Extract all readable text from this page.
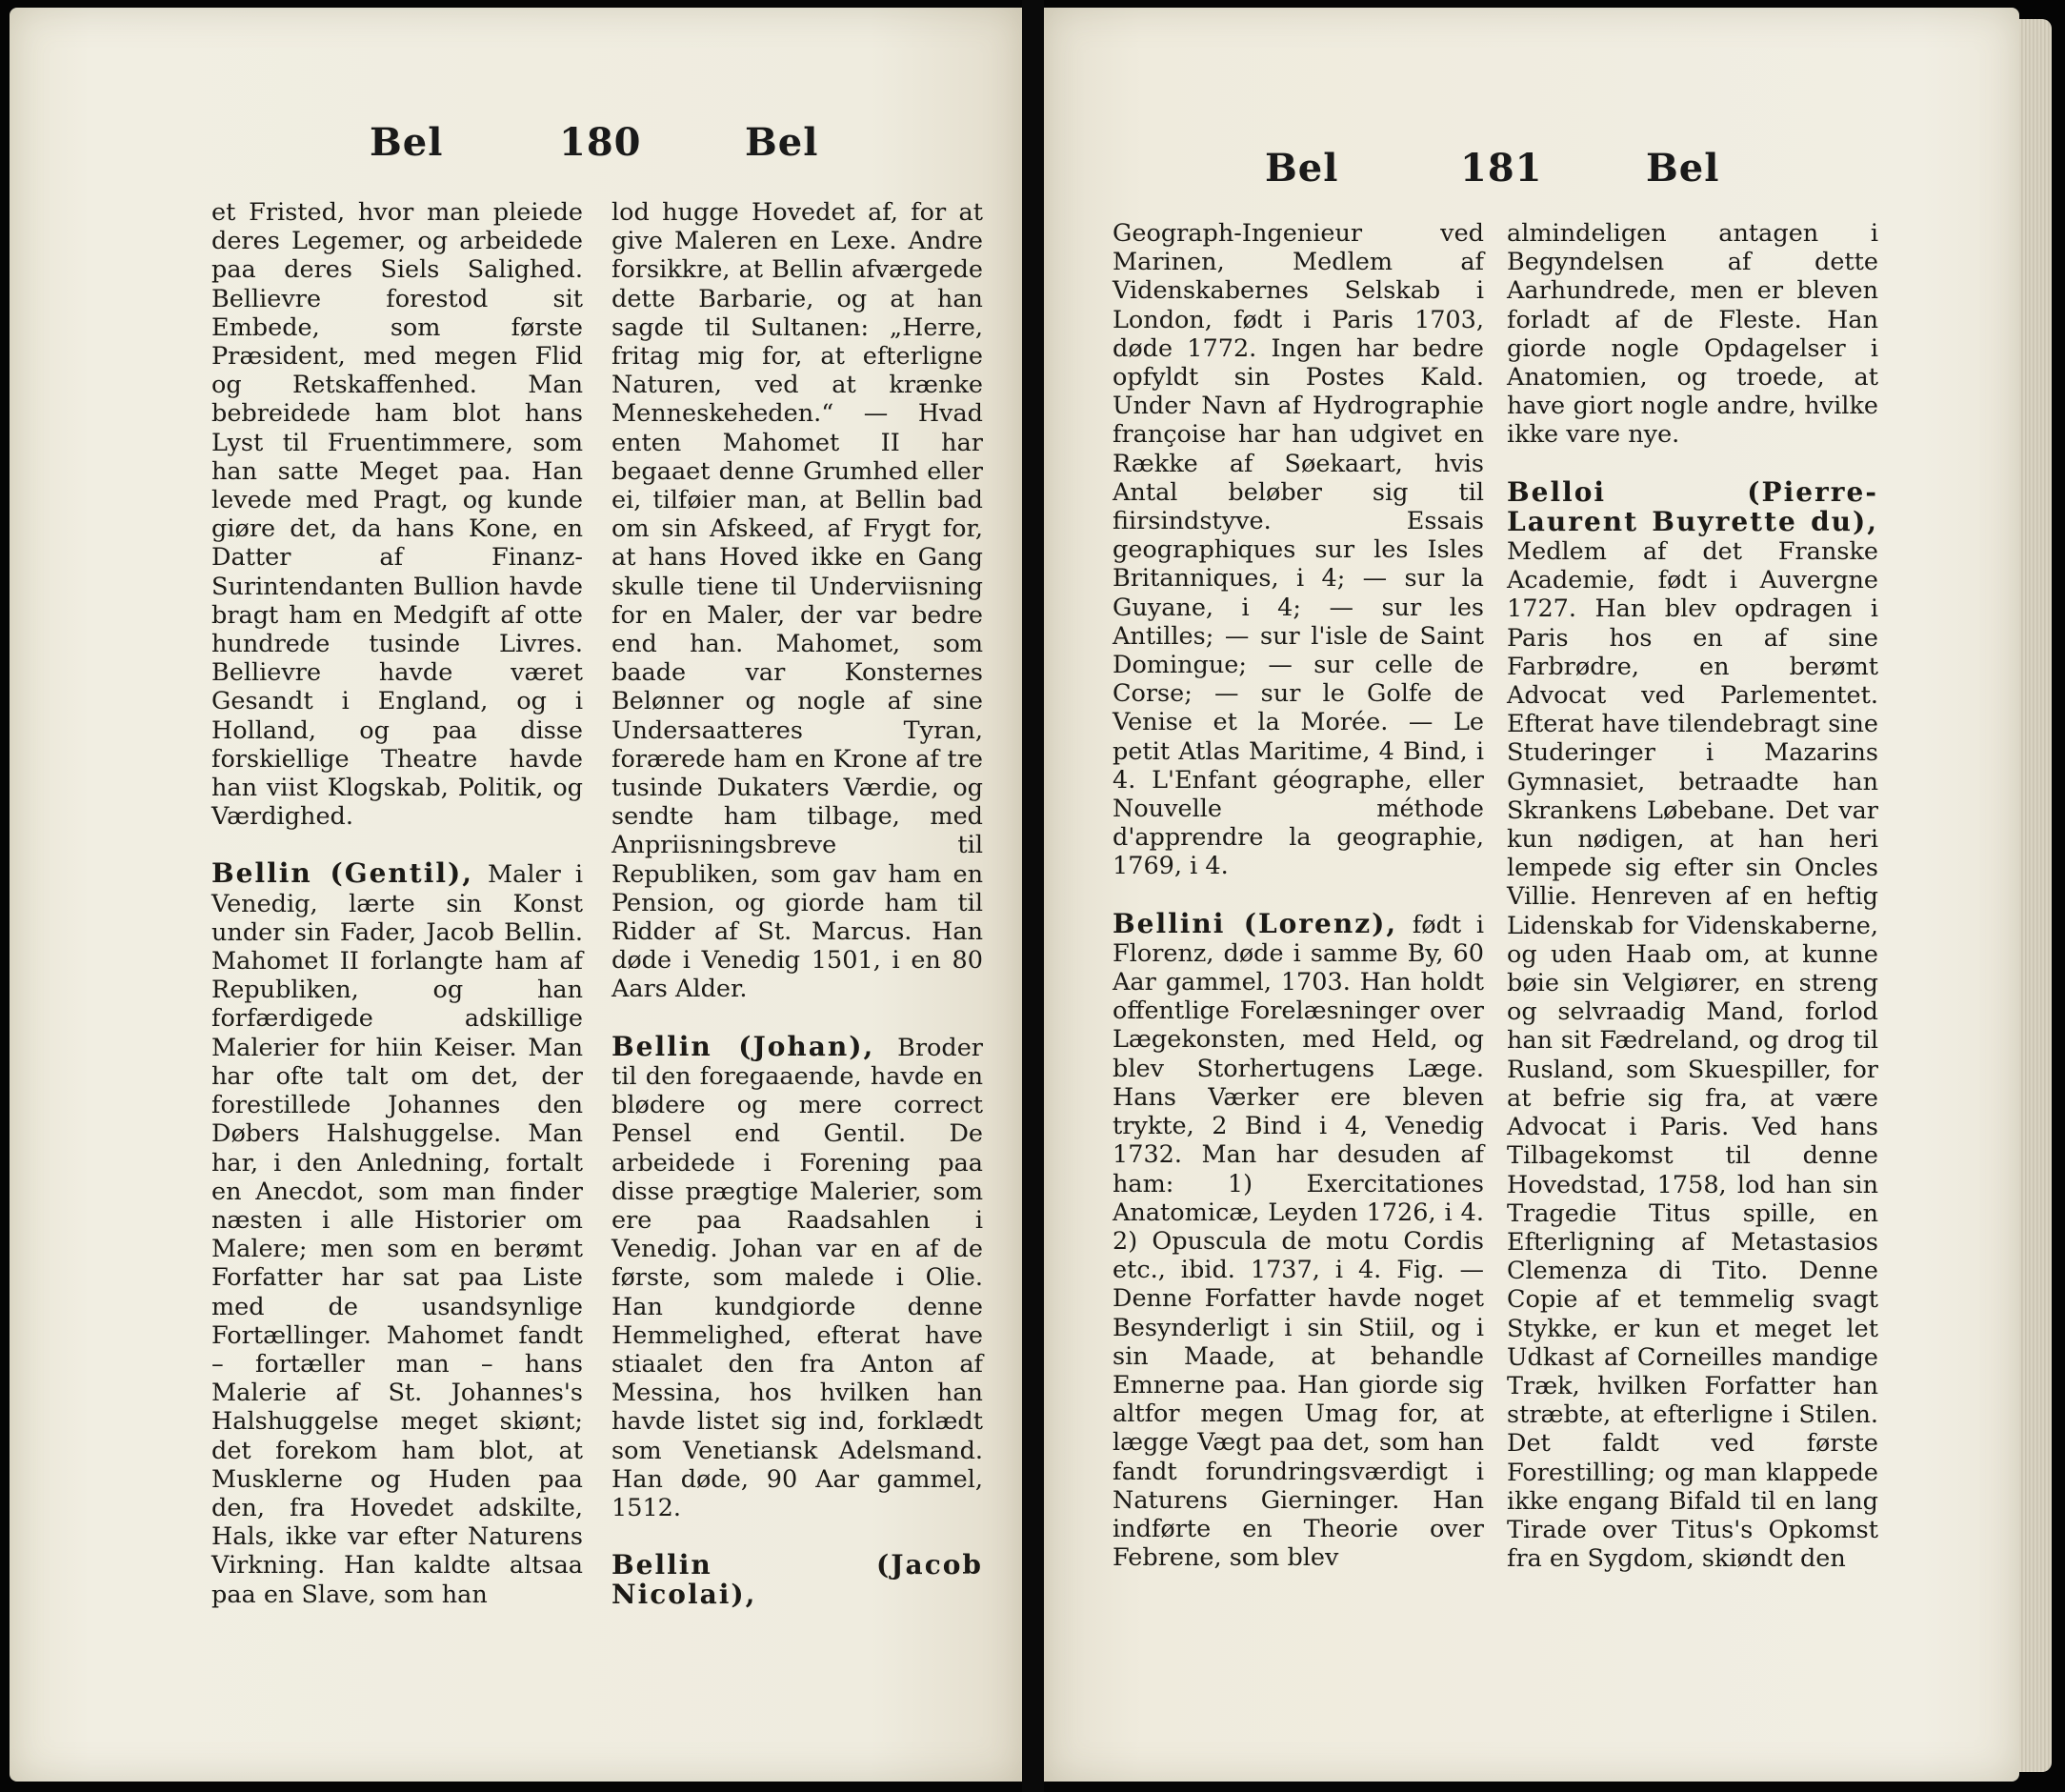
Bel	180	Bel

et Fristed, hvor man pleiede deres Legemer, og arbeidede paa deres Siels Salighed. Bellievre forestod sit Embede, som første Præsident, med megen Flid og Retskaffenhed. Man bebreidede ham blot hans Lyst til Fruentimmere, som han satte Meget paa. Han levede med Pragt, og kunde giøre det, da hans Kone, en Datter af Finanz-Surintendanten Bullion havde bragt ham en Medgift af otte hundrede tusinde Livres. Bellievre havde været Gesandt i England, og i Holland, og paa disse forskiellige Theatre havde han viist Klogskab, Politik, og Værdighed.

Bellin (Gentil), Maler i Venedig, lærte sin Konst under sin Fader, Jacob Bellin. Mahomet II forlangte ham af Republiken, og han forfærdigede adskillige Malerier for hiin Keiser. Man har ofte talt om det, der forestillede Johannes den Døbers Halshuggelse. Man har, i den Anledning, fortalt en Anecdot, som man finder næsten i alle Historier om Malere; men som en berømt Forfatter har sat paa Liste med de usandsynlige Fortællinger. Mahomet fandt – fortæller man – hans Malerie af St. Johannes's Halshuggelse meget skiønt; det forekom ham blot, at Musklerne og Huden paa den, fra Hovedet adskilte, Hals, ikke var efter Naturens Virkning. Han kaldte altsaa paa en Slave, som han

lod hugge Hovedet af, for at give Maleren en Lexe. Andre forsikkre, at Bellin afværgede dette Barbarie, og at han sagde til Sultanen: „Herre, fritag mig for, at efterligne Naturen, ved at krænke Menneskeheden.“ — Hvad enten Mahomet II har begaaet denne Grumhed eller ei, tilføier man, at Bellin bad om sin Afskeed, af Frygt for, at hans Hoved ikke en Gang skulle tiene til Underviisning for en Maler, der var bedre end han. Mahomet, som baade var Konsternes Belønner og nogle af sine Undersaatteres Tyran, forærede ham en Krone af tre tusinde Dukaters Værdie, og sendte ham tilbage, med Anpriisningsbreve til Republiken, som gav ham en Pension, og giorde ham til Ridder af St. Marcus. Han døde i Venedig 1501, i en 80 Aars Alder.

Bellin (Johan), Broder til den foregaaende, havde en blødere og mere correct Pensel end Gentil. De arbeidede i Forening paa disse prægtige Malerier, som ere paa Raadsahlen i Venedig. Johan var en af de første, som malede i Olie. Han kundgiorde denne Hemmelighed, efterat have stiaalet den fra Anton af Messina, hos hvilken han havde listet sig ind, forklædt som Venetiansk Adelsmand. Han døde, 90 Aar gammel, 1512.

Bellin (Jacob Nicolai),

Bel	181	Bel

Geograph-Ingenieur ved Marinen, Medlem af Videnskabernes Selskab i London, født i Paris 1703, døde 1772. Ingen har bedre opfyldt sin Postes Kald. Under Navn af Hydrographie françoise har han udgivet en Række af Søekaart, hvis Antal beløber sig til fiirsindstyve. Essais geographiques sur les Isles Britanniques, i 4; — sur la Guyane, i 4; — sur les Antilles; — sur l'isle de Saint Domingue; — sur celle de Corse; — sur le Golfe de Venise et la Morée. — Le petit Atlas Maritime, 4 Bind, i 4. L'Enfant géographe, eller Nouvelle méthode d'apprendre la geographie, 1769, i 4.

Bellini (Lorenz), født i Florenz, døde i samme By, 60 Aar gammel, 1703. Han holdt offentlige Forelæsninger over Lægekonsten, med Held, og blev Storhertugens Læge. Hans Værker ere bleven trykte, 2 Bind i 4, Venedig 1732. Man har desuden af ham: 1) Exercitationes Anatomicæ, Leyden 1726, i 4. 2) Opuscula de motu Cordis etc., ibid. 1737, i 4. Fig. — Denne Forfatter havde noget Besynderligt i sin Stiil, og i sin Maade, at behandle Emnerne paa. Han giorde sig altfor megen Umag for, at lægge Vægt paa det, som han fandt forundringsværdigt i Naturens Gierninger. Han indførte en Theorie over Febrene, som blev

almindeligen antagen i Begyndelsen af dette Aarhundrede, men er bleven forladt af de Fleste. Han giorde nogle Opdagelser i Anatomien, og troede, at have giort nogle andre, hvilke ikke vare nye.

Belloi (Pierre-Laurent Buyrette du), Medlem af det Franske Academie, født i Auvergne 1727. Han blev opdragen i Paris hos en af sine Farbrødre, en berømt Advocat ved Parlementet. Efterat have tilendebragt sine Studeringer i Mazarins Gymnasiet, betraadte han Skrankens Løbebane. Det var kun nødigen, at han heri lempede sig efter sin Oncles Villie. Henreven af en heftig Lidenskab for Videnskaberne, og uden Haab om, at kunne bøie sin Velgiører, en streng og selvraadig Mand, forlod han sit Fædreland, og drog til Rusland, som Skuespiller, for at befrie sig fra, at være Advocat i Paris. Ved hans Tilbagekomst til denne Hovedstad, 1758, lod han sin Tragedie Titus spille, en Efterligning af Metastasios Clemenza di Tito. Denne Copie af et temmelig svagt Stykke, er kun et meget let Udkast af Corneilles mandige Træk, hvilken Forfatter han stræbte, at efterligne i Stilen. Det faldt ved første Forestilling; og man klappede ikke engang Bifald til en lang Tirade over Titus's Opkomst fra en Sygdom, skiøndt den
